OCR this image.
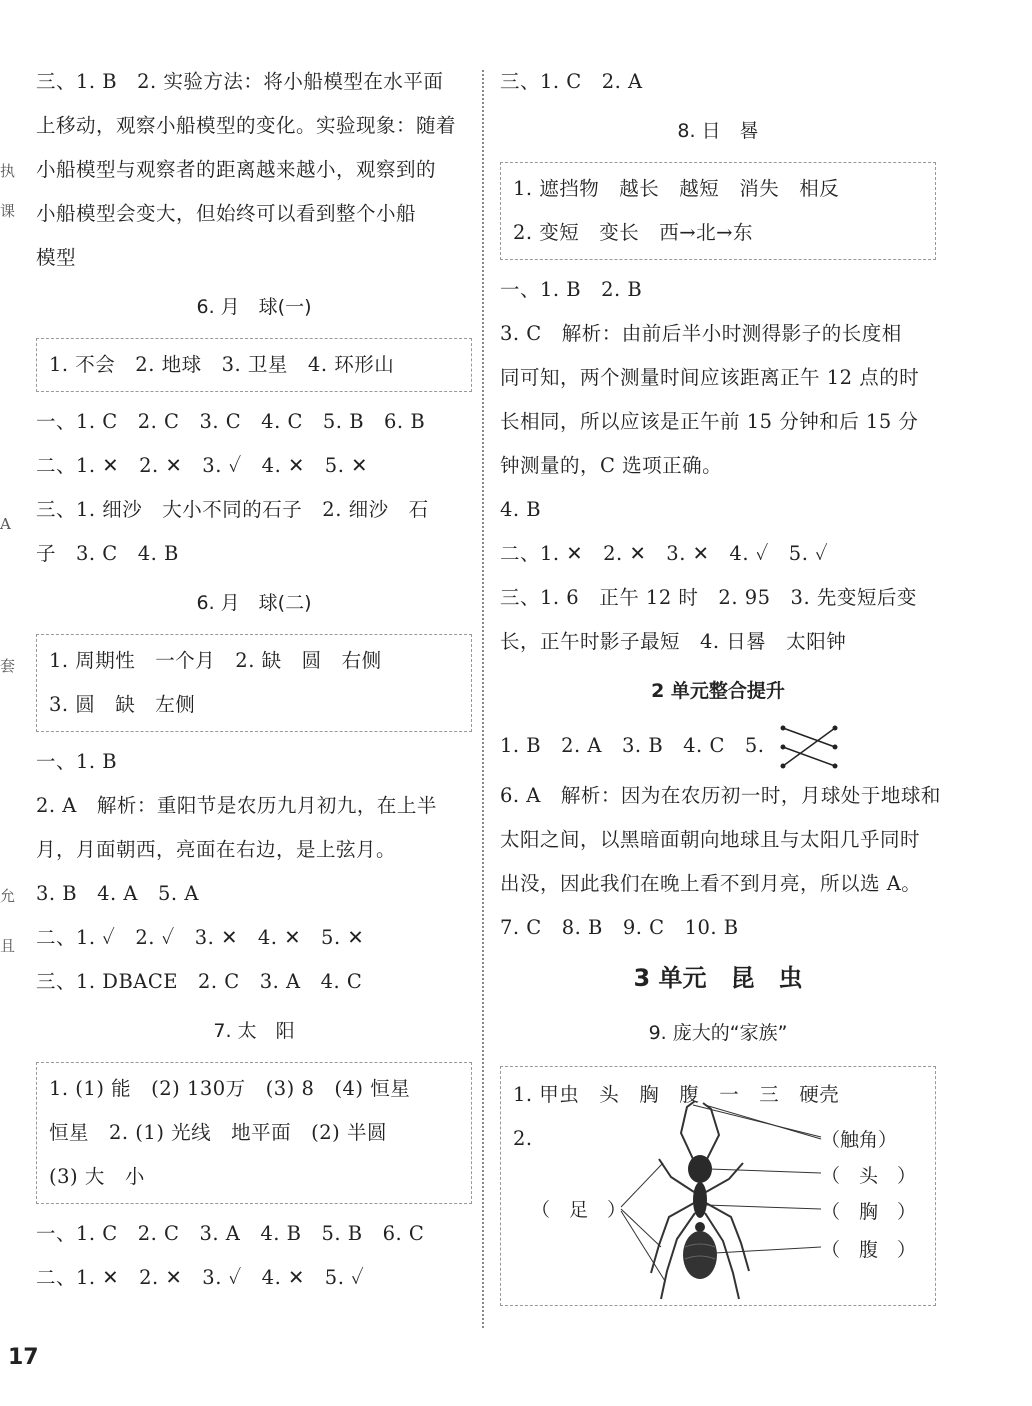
执
课
A
套
允
且
三、1. B　2. 实验方法：将小船模型在水平面
上移动，观察小船模型的变化。实验现象：随着
小船模型与观察者的距离越来越小，观察到的
小船模型会变大，但始终可以看到整个小船
模型
6. 月　球(一)
1. 不会　2. 地球　3. 卫星　4. 环形山
一、1. C　2. C　3. C　4. C　5. B　6. B
二、1. ✕　2. ✕　3. ✓　4. ✕　5. ✕
三、1. 细沙　大小不同的石子　2. 细沙　石
子　3. C　4. B
6. 月　球(二)
1. 周期性　一个月　2. 缺　圆　右侧
3. 圆　缺　左侧
一、1. B
2. A　解析：重阳节是农历九月初九，在上半
月，月面朝西，亮面在右边，是上弦月。
3. B　4. A　5. A
二、1. ✓　2. ✓　3. ✕　4. ✕　5. ✕
三、1. DBACE　2. C　3. A　4. C
7. 太　阳
1. (1) 能　(2) 130万　(3) 8　(4) 恒星
恒星　2. (1) 光线　地平面　(2) 半圆
(3) 大　小
一、1. C　2. C　3. A　4. B　5. B　6. C
二、1. ✕　2. ✕　3. ✓　4. ✕　5. ✓
三、1. C　2. A
8. 日　晷
1. 遮挡物　越长　越短　消失　相反
2. 变短　变长　西→北→东
一、1. B　2. B
3. C　解析：由前后半小时测得影子的长度相
同可知，两个测量时间应该距离正午 12 点的时
长相同，所以应该是正午前 15 分钟和后 15 分
钟测量的，C 选项正确。
4. B
二、1. ✕　2. ✕　3. ✕　4. ✓　5. ✓
三、1. 6　正午 12 时　2. 95　3. 先变短后变
长，正午时影子最短　4. 日晷　太阳钟
2 单元整合提升
1. B　2. A　3. B　4. C　5.
6. A　解析：因为在农历初一时，月球处于地球和
太阳之间，以黑暗面朝向地球且与太阳几乎同时
出没，因此我们在晚上看不到月亮，所以选 A。
7. C　8. B　9. C　10. B
3 单元　昆　虫
9. 庞大的“家族”
1. 甲虫　头　胸　腹　一　三　硬壳
2.	（触角）
（　头　）
（　胸　）
（　腹　）
（　足　）
17
